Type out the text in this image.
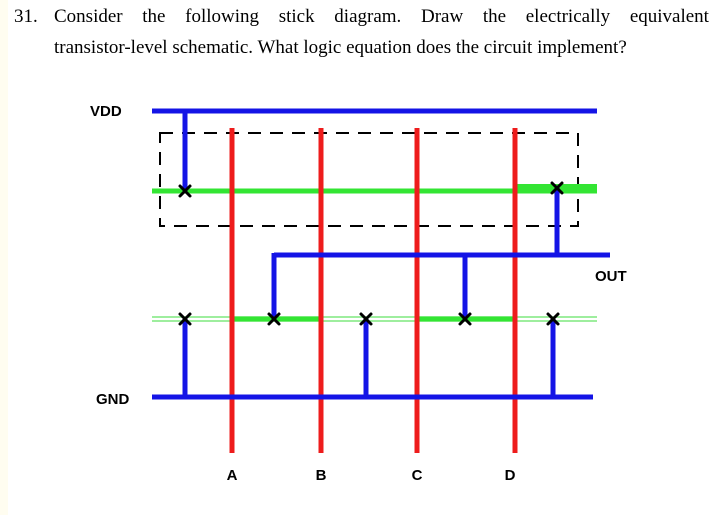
31. Consider the following stick diagram. Draw the electrically equivalent
transistor-level schematic. What logic equation does the circuit implement?
VDD
GND
OUT
A	B	C	D
